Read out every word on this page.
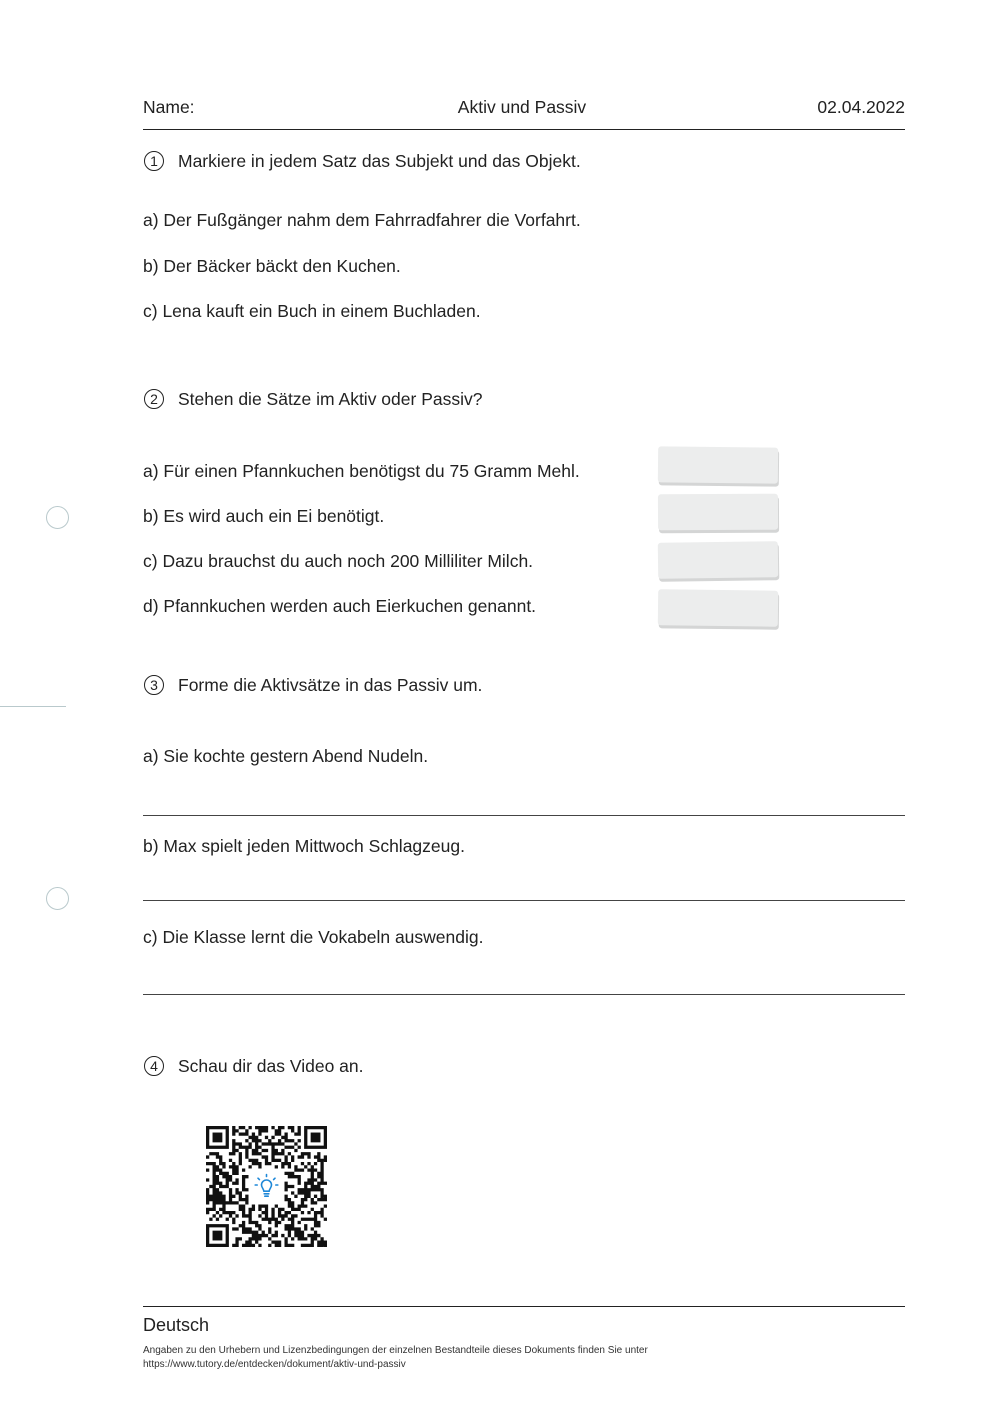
Name:	Aktiv und Passiv	02.04.2022
1	Markiere in jedem Satz das Subjekt und das Objekt.
a) Der Fußgänger nahm dem Fahrradfahrer die Vorfahrt.
b) Der Bäcker bäckt den Kuchen.
c) Lena kauft ein Buch in einem Buchladen.
2	Stehen die Sätze im Aktiv oder Passiv?
a) Für einen Pfannkuchen benötigst du 75 Gramm Mehl.
b) Es wird auch ein Ei benötigt.
c) Dazu brauchst du auch noch 200 Milliliter Milch.
d) Pfannkuchen werden auch Eierkuchen genannt.
3	Forme die Aktivsätze in das Passiv um.
a) Sie kochte gestern Abend Nudeln.
b) Max spielt jeden Mittwoch Schlagzeug.
c) Die Klasse lernt die Vokabeln auswendig.
4	Schau dir das Video an.
Deutsch
Angaben zu den Urhebern und Lizenzbedingungen der einzelnen Bestandteile dieses Dokuments finden Sie unter
https://www.tutory.de/entdecken/dokument/aktiv-und-passiv
